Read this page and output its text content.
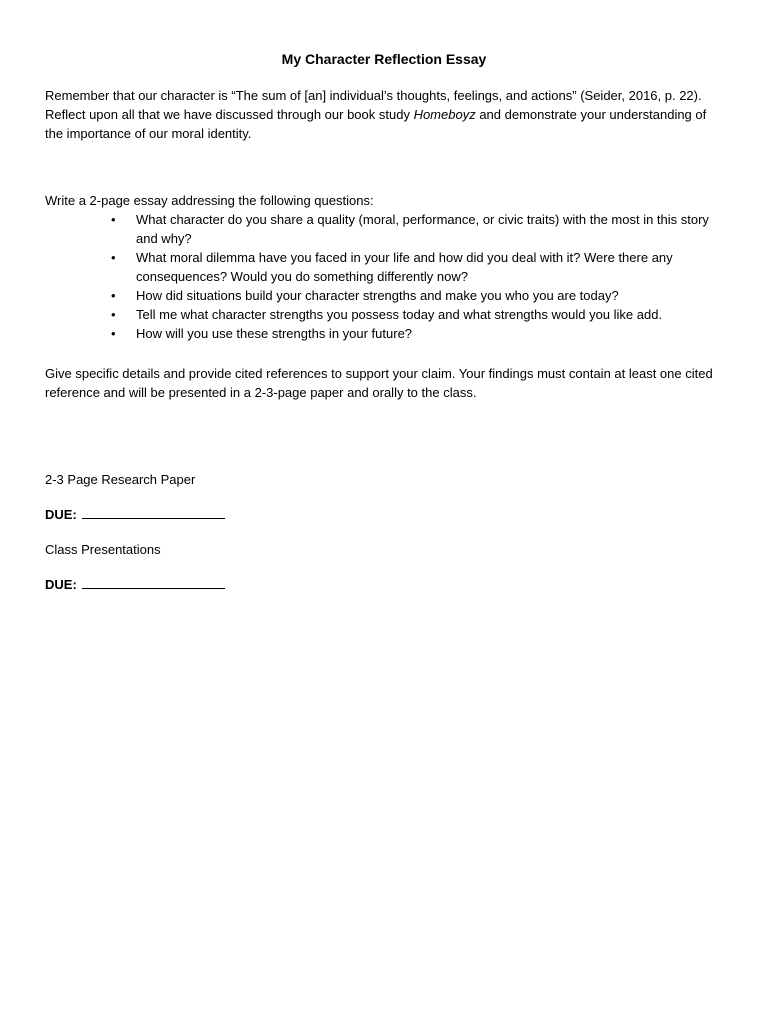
My Character Reflection Essay
Remember that our character is “The sum of [an] individual’s thoughts, feelings, and actions” (Seider, 2016, p. 22). Reflect upon all that we have discussed through our book study Homeboyz and demonstrate your understanding of the importance of our moral identity.
Write a 2-page essay addressing the following questions:
• What character do you share a quality (moral, performance, or civic traits) with the most in this story and why?
• What moral dilemma have you faced in your life and how did you deal with it? Were there any consequences? Would you do something differently now?
• How did situations build your character strengths and make you who you are today?
• Tell me what character strengths you possess today and what strengths would you like add.
• How will you use these strengths in your future?
Give specific details and provide cited references to support your claim. Your findings must contain at least one cited reference and will be presented in a 2-3-page paper and orally to the class.
2-3 Page Research Paper
DUE:
Class Presentations
DUE:
